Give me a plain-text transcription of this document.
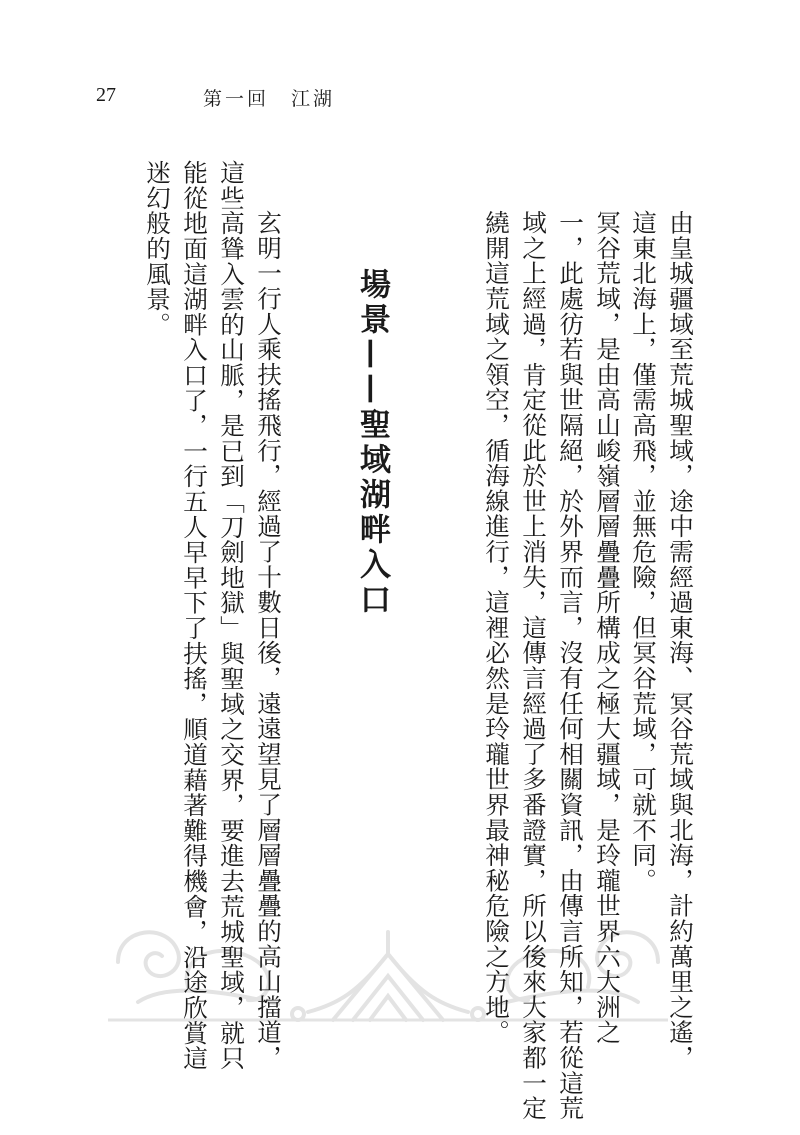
27	第一回　江湖
由皇城疆域至荒城聖域，途中需經過東海、冥谷荒域與北海，計約萬里之遙，
這東北海上，僅需高飛，並無危險，但冥谷荒域，可就不同。
冥谷荒域，是由高山峻嶺層層疊疊所構成之極大疆域，是玲瓏世界六大洲之
一，此處彷若與世隔絕，於外界而言，沒有任何相關資訊，由傳言所知，若從這荒
域之上經過，肯定從此於世上消失，這傳言經過了多番證實，所以後來大家都一定
繞開這荒域之領空，循海線進行，這裡必然是玲瓏世界最神秘危險之方地。
場景——聖域湖畔入口
玄明一行人乘扶搖飛行，經過了十數日後，遠遠望見了層層疊疊的高山擋道，
這些高聳入雲的山脈，是已到「刀劍地獄」與聖域之交界，要進去荒城聖域，就只
能從地面這湖畔入口了，一行五人早早下了扶搖，順道藉著難得機會，沿途欣賞這
迷幻般的風景。
